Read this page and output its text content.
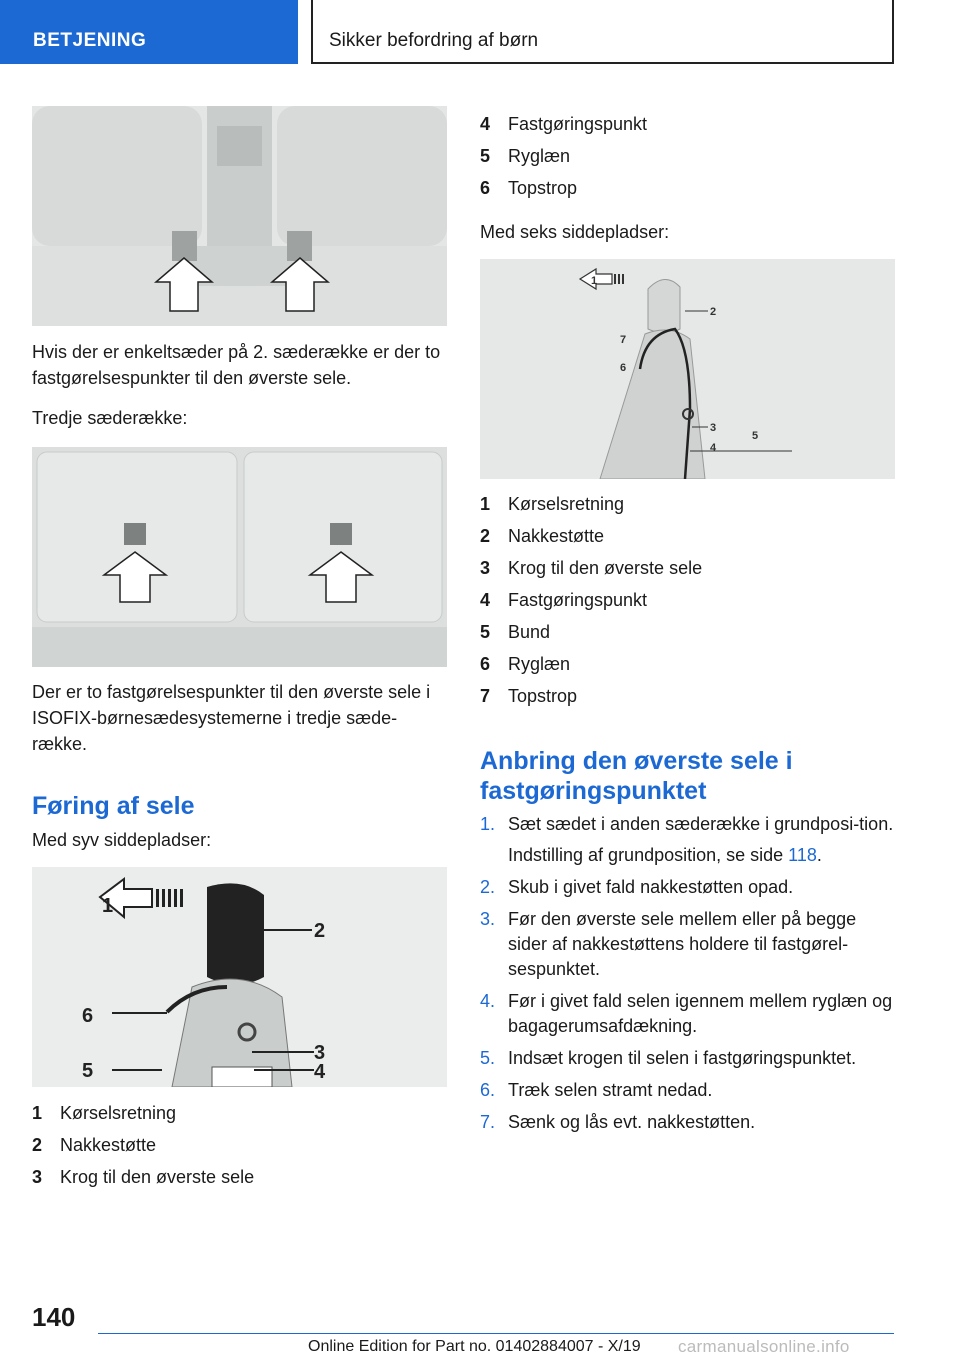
BETJENING	Sikker befordring af børn

Hvis der er enkeltsæder på 2. sæderække er der to fastgørelsespunkter til den øverste sele.

Tredje sæderække:

Der er to fastgørelsespunkter til den øverste sele i ISOFIX-børnesædesystemerne i tredje sæde-række.

Føring af sele

Med syv siddepladser:

1
2
6
3
5	4
1 Kørselsretning
2 Nakkestøtte
3 Krog til den øverste sele
4 Fastgøringspunkt
5 Ryglæn
6 Topstrop

Med seks siddepladser:

1
2
7
6
3
4
5
1 Kørselsretning
2 Nakkestøtte
3 Krog til den øverste sele
4 Fastgøringspunkt
5 Bund
6 Ryglæn
7 Topstrop
Anbring den øverste sele i fastgøringspunktet
1. Sæt sædet i anden sæderække i grundposi-tion.
Indstilling af grundposition, se side 118.
2. Skub i givet fald nakkestøtten opad.
3. Før den øverste sele mellem eller på begge sider af nakkestøttens holdere til fastgørel-sespunktet.
4. Før i givet fald selen igennem mellem ryglæn og bagagerumsafdækning.
5. Indsæt krogen til selen i fastgøringspunktet.
6. Træk selen stramt nedad.
7. Sænk og lås evt. nakkestøtten.
140
Online Edition for Part no. 01402884007 - X/19 carmanualsonline.info
